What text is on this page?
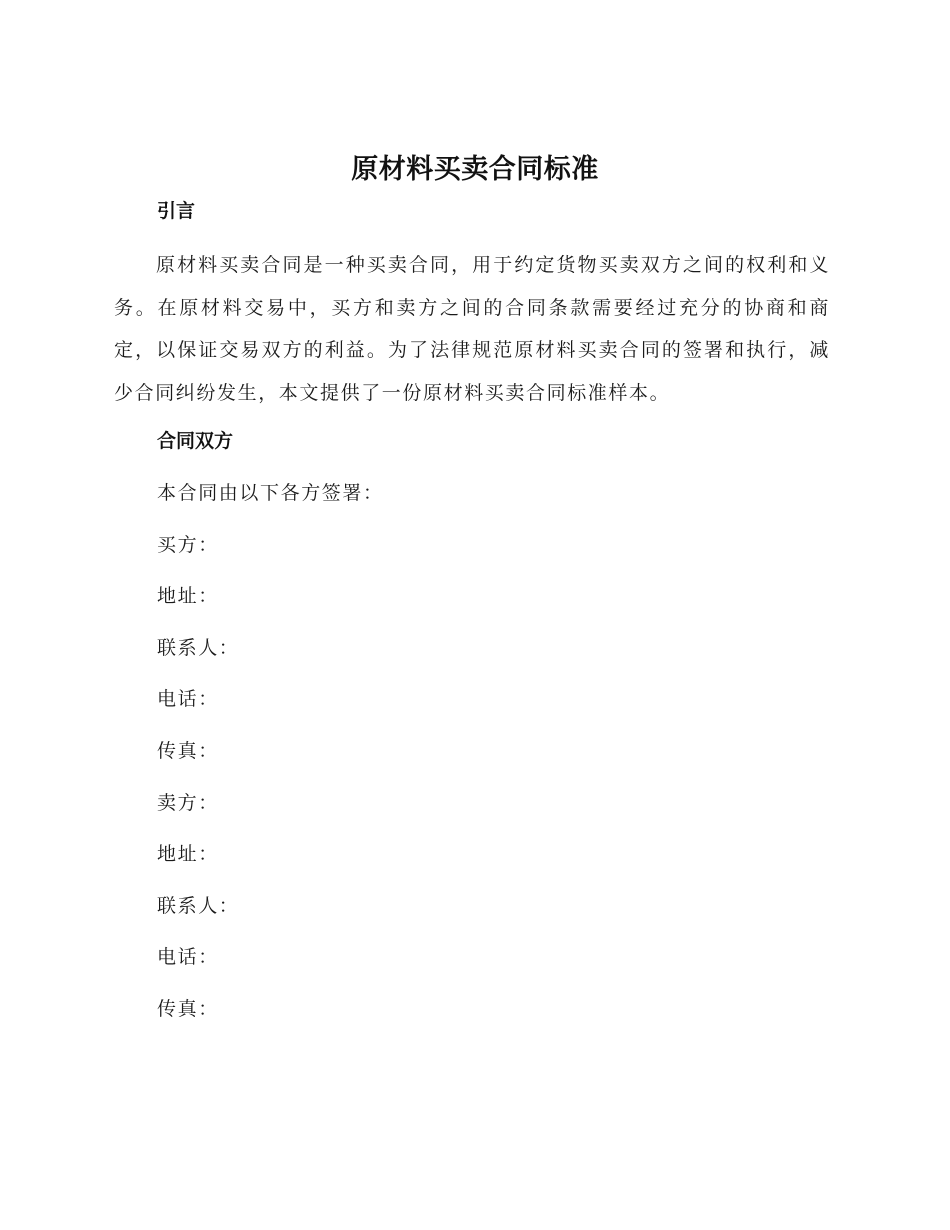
原材料买卖合同标准
引言

原材料买卖合同是一种买卖合同，用于约定货物买卖双方之间的权利和义务。在原材料交易中，买方和卖方之间的合同条款需要经过充分的协商和商定，以保证交易双方的利益。为了法律规范原材料买卖合同的签署和执行，减少合同纠纷发生，本文提供了一份原材料买卖合同标准样本。

合同双方
本合同由以下各方签署：
买方：
地址：
联系人：
电话：
传真：
卖方：
地址：
联系人：
电话：
传真：
